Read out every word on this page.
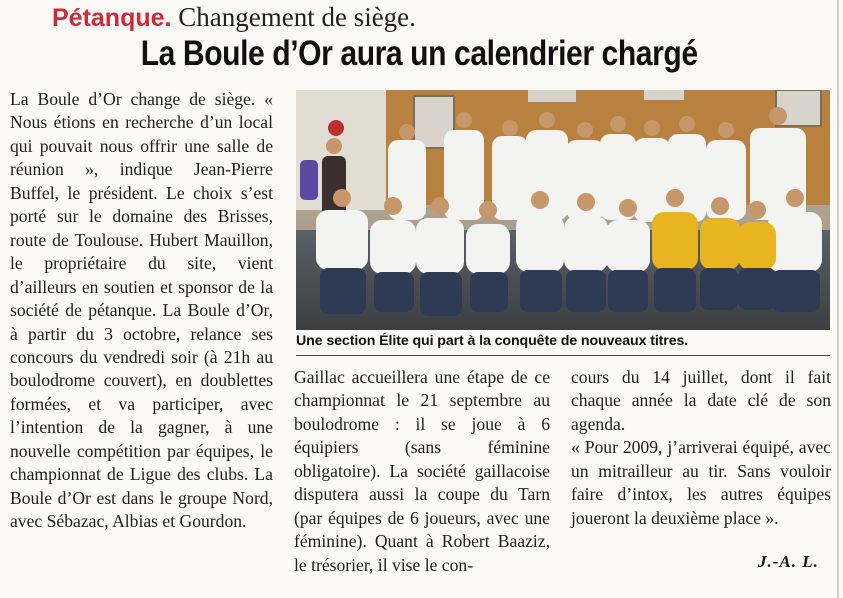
Pétanque. Changement de siège.
La Boule d’Or aura un calendrier chargé

La Boule d’Or change de siège. « Nous étions en recherche d’un local qui pouvait nous offrir une salle de réunion », indique Jean-Pierre Buffel, le président. Le choix s’est porté sur le domaine des Brisses, route de Toulouse. Hubert Mauillon, le propriétaire du site, vient d’ailleurs en soutien et sponsor de la société de pétanque. La Boule d’Or, à partir du 3 octobre, relance ses concours du vendredi soir (à 21h au boulodrome couvert), en doublettes formées, et va participer, avec l’intention de la gagner, à une nouvelle compétition par équipes, le championnat de Ligue des clubs. La Boule d’Or est dans le groupe Nord, avec Sébazac, Albias et Gourdon.

Une section Élite qui part à la conquête de nouveaux titres.

Gaillac accueillera une étape de ce championnat le 21 septembre au boulodrome : il se joue à 6 équipiers (sans féminine obligatoire). La société gaillacoise disputera aussi la coupe du Tarn (par équipes de 6 joueurs, avec une féminine). Quant à Robert Baaziz, le trésorier, il vise le con-

cours du 14 juillet, dont il fait chaque année la date clé de son agenda.

« Pour 2009, j’arriverai équipé, avec un mitrailleur au tir. Sans vouloir faire d’intox, les autres équipes joueront la deuxième place ».

J.-A. L.
